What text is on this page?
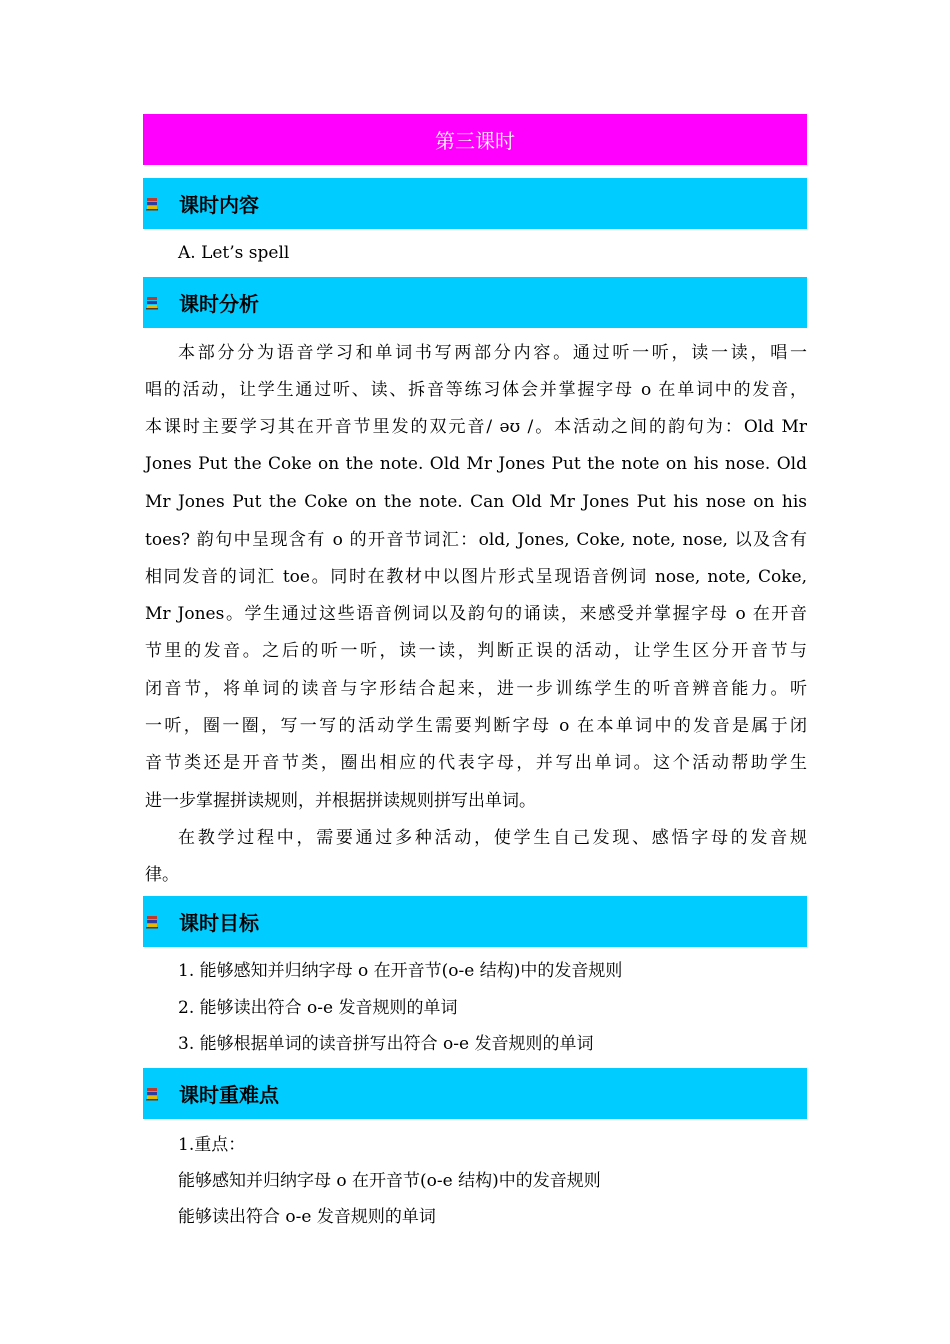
第三课时
课时内容
A. Let’s spell
课时分析
本部分分为语音学习和单词书写两部分内容。通过听一听，读一读，唱一
唱的活动，让学生通过听、读、拆音等练习体会并掌握字母 o 在单词中的发音，
本课时主要学习其在开音节里发的双元音/ əʊ /。本活动之间的韵句为：Old Mr
Jones Put the Coke on the note. Old Mr Jones Put the note on his nose. Old
Mr Jones Put the Coke on the note. Can Old Mr Jones Put his nose on his
toes? 韵句中呈现含有 o 的开音节词汇：old, Jones, Coke, note, nose, 以及含有
相同发音的词汇 toe。同时在教材中以图片形式呈现语音例词 nose, note, Coke,
Mr Jones。学生通过这些语音例词以及韵句的诵读，来感受并掌握字母 o 在开音
节里的发音。之后的听一听，读一读，判断正误的活动，让学生区分开音节与
闭音节，将单词的读音与字形结合起来，进一步训练学生的听音辨音能力。听
一听，圈一圈，写一写的活动学生需要判断字母 o 在本单词中的发音是属于闭
音节类还是开音节类，圈出相应的代表字母，并写出单词。这个活动帮助学生
进一步掌握拼读规则，并根据拼读规则拼写出单词。
在教学过程中，需要通过多种活动，使学生自己发现、感悟字母的发音规
律。
课时目标
1. 能够感知并归纳字母 o 在开音节(o-e 结构)中的发音规则
2. 能够读出符合 o-e 发音规则的单词
3. 能够根据单词的读音拼写出符合 o-e 发音规则的单词
课时重难点
1.重点：
能够感知并归纳字母 o 在开音节(o-e 结构)中的发音规则
能够读出符合 o-e 发音规则的单词
